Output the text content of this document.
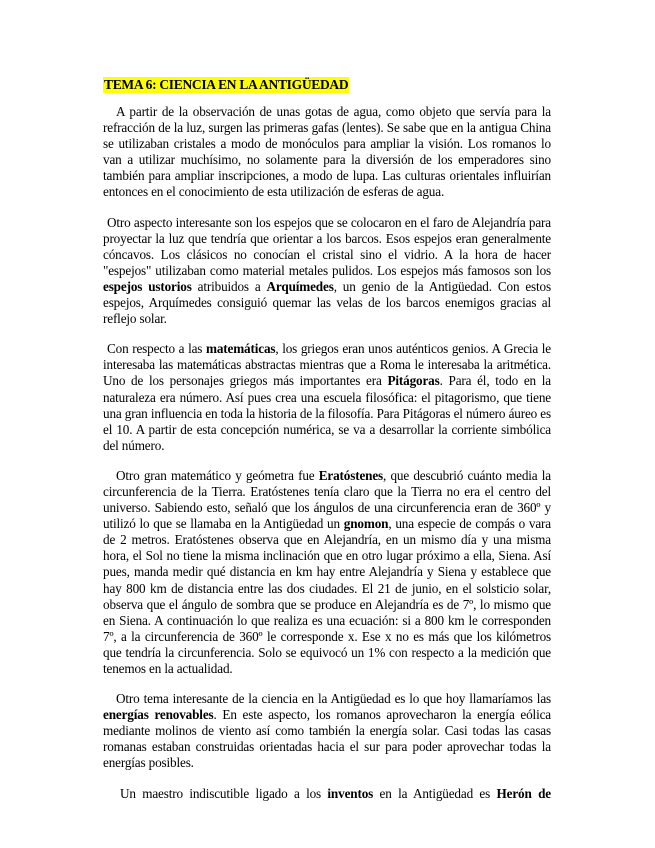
TEMA 6: CIENCIA EN LA ANTIGÜEDAD

A partir de la observación de unas gotas de agua, como objeto que servía para la refracción de la luz, surgen las primeras gafas (lentes). Se sabe que en la antigua China se utilizaban cristales a modo de monóculos para ampliar la visión. Los romanos lo van a utilizar muchísimo, no solamente para la diversión de los emperadores sino también para ampliar inscripciones, a modo de lupa. Las culturas orientales influirían entonces en el conocimiento de esta utilización de esferas de agua.

Otro aspecto interesante son los espejos que se colocaron en el faro de Alejandría para proyectar la luz que tendría que orientar a los barcos. Esos espejos eran generalmente cóncavos. Los clásicos no conocían el cristal sino el vidrio. A la hora de hacer "espejos" utilizaban como material metales pulidos. Los espejos más famosos son los espejos ustorios atribuidos a Arquímedes, un genio de la Antigüedad. Con estos espejos, Arquímedes consiguió quemar las velas de los barcos enemigos gracias al reflejo solar.

Con respecto a las matemáticas, los griegos eran unos auténticos genios. A Grecia le interesaba las matemáticas abstractas mientras que a Roma le interesaba la aritmética. Uno de los personajes griegos más importantes era Pitágoras. Para él, todo en la naturaleza era número. Así pues crea una escuela filosófica: el pitagorismo, que tiene una gran influencia en toda la historia de la filosofía. Para Pitágoras el número áureo es el 10. A partir de esta concepción numérica, se va a desarrollar la corriente simbólica del número.

Otro gran matemático y geómetra fue Eratóstenes, que descubrió cuánto media la circunferencia de la Tierra. Eratóstenes tenía claro que la Tierra no era el centro del universo. Sabiendo esto, señaló que los ángulos de una circunferencia eran de 360º y utilizó lo que se llamaba en la Antigüedad un gnomon, una especie de compás o vara de 2 metros. Eratóstenes observa que en Alejandría, en un mismo día y una misma hora, el Sol no tiene la misma inclinación que en otro lugar próximo a ella, Siena. Así pues, manda medir qué distancia en km hay entre Alejandría y Siena y establece que hay 800 km de distancia entre las dos ciudades. El 21 de junio, en el solsticio solar, observa que el ángulo de sombra que se produce en Alejandría es de 7º, lo mismo que en Siena. A continuación lo que realiza es una ecuación: si a 800 km le corresponden 7º, a la circunferencia de 360º le corresponde x. Ese x no es más que los kilómetros que tendría la circunferencia. Solo se equivocó un 1% con respecto a la medición que tenemos en la actualidad.

Otro tema interesante de la ciencia en la Antigüedad es lo que hoy llamaríamos las energías renovables. En este aspecto, los romanos aprovecharon la energía eólica mediante molinos de viento así como también la energía solar. Casi todas las casas romanas estaban construidas orientadas hacia el sur para poder aprovechar todas la energías posibles.

Un maestro indiscutible ligado a los inventos en la Antigüedad es Herón de
